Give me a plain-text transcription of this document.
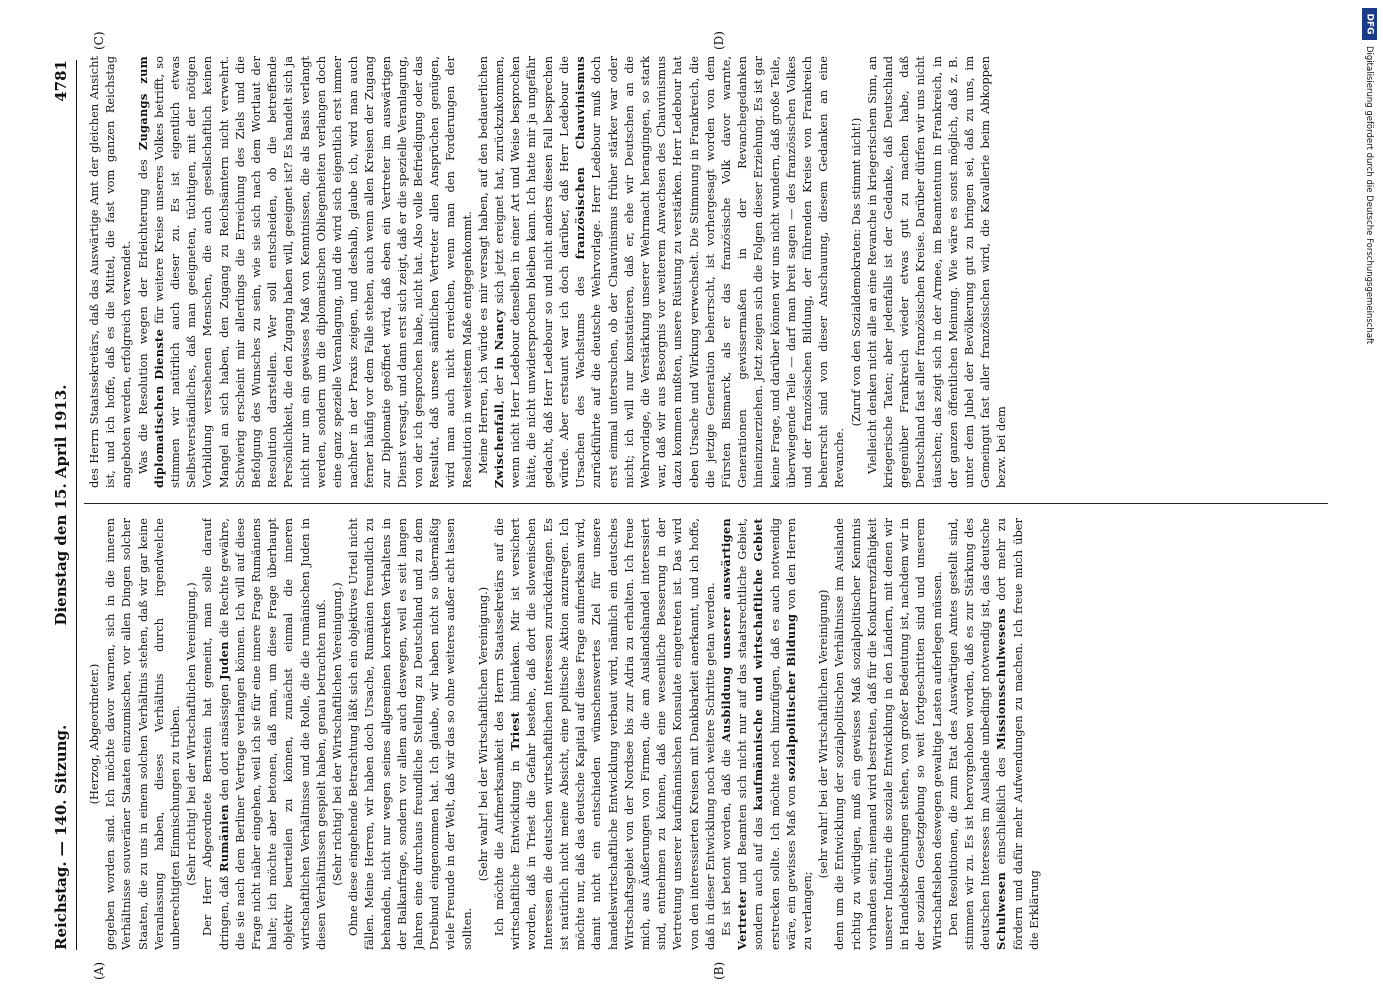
Reichstag. — 140. Sitzung.
Dienstag den 15. April 1913.
4781
(A)	(B)
(C)	(D)

(Herzog, Abgeordneter.) gegeben worden sind. Ich möchte davor warnen, sich in die inneren Verhältnisse souveräner Staaten einzumischen, vor allen Dingen solcher Staaten, die zu uns in einem solchen Verhältnis stehen, daß wir gar keine Veranlassung haben, dieses Verhältnis durch irgendwelche unberechtigten Einmischungen zu trüben. (Sehr richtig! bei der Wirtschaftlichen Vereinigung.) Der Herr Abgeordnete Bernstein hat gemeint, man solle darauf dringen, daß Rumänien den dort ansässigen Juden die Rechte gewähre, die sie nach dem Berliner Vertrage verlangen können. Ich will auf diese Frage nicht näher eingehen, weil ich sie für eine innere Frage Rumäniens halte; ich möchte aber betonen, daß man, um diese Frage überhaupt objektiv beurteilen zu können, zunächst einmal die inneren wirtschaftlichen Verhältnisse und die Rolle, die die rumänischen Juden in diesen Verhältnissen gespielt haben, genau betrachten muß. (Sehr richtig! bei der Wirtschaftlichen Vereinigung.) Ohne diese eingehende Betrachtung läßt sich ein objektives Urteil nicht fällen. Meine Herren, wir haben doch Ursache, Rumänien freundlich zu behandeln, nicht nur wegen seines allgemeinen korrekten Verhaltens in der Balkanfrage, sondern vor allem auch deswegen, weil es seit langen Jahren eine durchaus freundliche Stellung zu Deutschland und zu dem Dreibund eingenommen hat. Ich glaube, wir haben nicht so übermäßig viele Freunde in der Welt, daß wir das so ohne weiteres außer acht lassen sollten.

(Sehr wahr! bei der Wirtschaftlichen Vereinigung.) Ich möchte die Aufmerksamkeit des Herrn Staatssekretärs auf die wirtschaftliche Entwicklung in Triest hinlenken. Mir ist versichert worden, daß in Triest die Gefahr bestehe, daß dort die slowenischen Interessen die deutschen wirtschaftlichen Interessen zurückdrängen. Es ist natürlich nicht meine Absicht, eine politische Aktion anzuregen. Ich möchte nur, daß das deutsche Kapital auf diese Frage aufmerksam wird, damit nicht ein entschieden wünschenswertes Ziel für unsere handelswirtschaftliche Entwicklung verbaut wird, nämlich ein deutsches Wirtschaftsgebiet von der Nordsee bis zur Adria zu erhalten. Ich freue mich, aus Äußerungen von Firmen, die am Auslandshandel interessiert sind, entnehmen zu können, daß eine wesentliche Besserung in der Vertretung unserer kaufmännischen Konsulate eingetreten ist. Das wird von den interessierten Kreisen mit Dankbarkeit anerkannt, und ich hoffe, daß in dieser Entwicklung noch weitere Schritte getan werden. Es ist betont worden, daß die Ausbildung unserer auswärtigen Vertreter und Beamten sich nicht nur auf das staatsrechtliche Gebiet, sondern auch auf das kaufmännische und wirtschaftliche Gebiet erstrecken sollte. Ich möchte noch hinzufügen, daß es auch notwendig wäre, ein gewisses Maß von sozialpolitischer Bildung von den Herren zu verlangen;

(sehr wahr! bei der Wirtschaftlichen Vereinigung) denn um die Entwicklung der sozialpolitischen Verhältnisse im Auslande richtig zu würdigen, muß ein gewisses Maß sozialpolitischer Kenntnis vorhanden sein; niemand wird bestreiten, daß für die Konkurrenzfähigkeit unserer Industrie die soziale Entwicklung in den Ländern, mit denen wir in Handelsbeziehungen stehen, von großer Bedeutung ist, nachdem wir in der sozialen Gesetzgebung so weit fortgeschritten sind und unserem Wirtschaftsleben deswegen gewaltige Lasten auferlegen müssen. Den Resolutionen, die zum Etat des Auswärtigen Amtes gestellt sind, stimmen wir zu. Es ist hervorgehoben worden, daß es zur Stärkung des deutschen Interesses im Auslande unbedingt notwendig ist, das deutsche Schulwesen einschließlich des Missionsschulwesens dort mehr zu fördern und dafür mehr Aufwendungen zu machen. Ich freue mich über die Erklärung

des Herrn Staatssekretärs, daß das Auswärtige Amt der gleichen Ansicht ist, und ich hoffe, daß es die Mittel, die fast vom ganzen Reichstag angeboten werden, erfolgreich verwendet. Was die Resolution wegen der Erleichterung des Zugangs zum diplomatischen Dienste für weitere Kreise unseres Volkes betrifft, so stimmen wir natürlich auch dieser zu. Es ist eigentlich etwas Selbstverständliches, daß man geeigneten, tüchtigen, mit der nötigen Vorbildung versehenen Menschen, die auch gesellschaftlich keinen Mangel an sich haben, den Zugang zu Reichsämtern nicht verwehrt. Schwierig erscheint mir allerdings die Erreichung des Ziels und die Befolgung des Wunsches zu sein, wie sie sich nach dem Wortlaut der Resolution darstellen. Wer soll entscheiden, ob die betreffende Persönlichkeit, die den Zugang haben will, geeignet ist? Es handelt sich ja nicht nur um ein gewisses Maß von Kenntnissen, die als Basis verlangt werden, sondern um die diplomatischen Obliegenheiten verlangen doch eine ganz spezielle Veranlagung, und die wird sich eigentlich erst immer nachher in der Praxis zeigen, und deshalb, glaube ich, wird man auch ferner häufig vor dem Falle stehen, auch wenn allen Kreisen der Zugang zur Diplomatie geöffnet wird, daß eben ein Vertreter im auswärtigen Dienst versagt, und dann erst sich zeigt, daß er die spezielle Veranlagung, von der ich gesprochen habe, nicht hat. Also volle Befriedigung oder das Resultat, daß unsere sämtlichen Vertreter allen Ansprüchen genügen, wird man auch nicht erreichen, wenn man den Forderungen der Resolution in weitestem Maße entgegenkommt. Meine Herren, ich würde es mir versagt haben, auf den bedauerlichen Zwischenfall, der in Nancy sich jetzt ereignet hat, zurückzukommen, wenn nicht Herr Ledebour denselben in einer Art und Weise besprochen hätte, die nicht unwidersprochen bleiben kann. Ich hatte mir ja ungefähr gedacht, daß Herr Ledebour so und nicht anders diesen Fall besprechen würde. Aber erstaunt war ich doch darüber, daß Herr Ledebour die Ursachen des Wachstums des französischen Chauvinismus zurückführte auf die deutsche Wehrvorlage. Herr Ledebour muß doch erst einmal untersuchen, ob der Chauvinismus früher stärker war oder nicht; ich will nur konstatieren, daß er, ehe wir Deutschen an die Wehrvorlage, die Verstärkung unserer Wehrmacht herangingen, so stark war, daß wir aus Besorgnis vor weiterem Anwachsen des Chauvinismus dazu kommen mußten, unsere Rüstung zu verstärken. Herr Ledebour hat eben Ursache und Wirkung verwechselt. Die Stimmung in Frankreich, die die jetzige Generation beherrscht, ist vorhergesagt worden von dem Fürsten Bismarck, als er das französische Volk davor warnte, Generationen gewissermaßen in der Revanchegedanken hineinzuerziehen. Jetzt zeigen sich die Folgen dieser Erziehung. Es ist gar keine Frage, und darüber können wir uns nicht wundern, daß große Teile, überwiegende Teile — darf man breit sagen — des französischen Volkes und der französischen Bildung, der führenden Kreise von Frankreich beherrscht sind von dieser Anschauung, diesem Gedanken an eine Revanche.

(Zuruf von den Sozialdemokraten: Das stimmt nicht!) Vielleicht denken nicht alle an eine Revanche in kriegerischem Sinn, an kriegerische Taten; aber jedenfalls ist der Gedanke, daß Deutschland gegenüber Frankreich wieder etwas gut zu machen habe, daß Deutschland fast aller französischen Kreise. Darüber dürfen wir uns nicht täuschen; das zeigt sich in der Armee, im Beamtentum in Frankreich, in der ganzen öffentlichen Meinung. Wie wäre es sonst möglich, daß z. B. unter dem Jubel der Bevölkerung gut zu bringen sei, daß zu uns, im Gemeingut fast aller französischen wird, die Kavallerie beim Abkoppen bezw. bei dem

DFG
Digitalisierung gefördert durch die Deutsche Forschungsgemeinschaft
